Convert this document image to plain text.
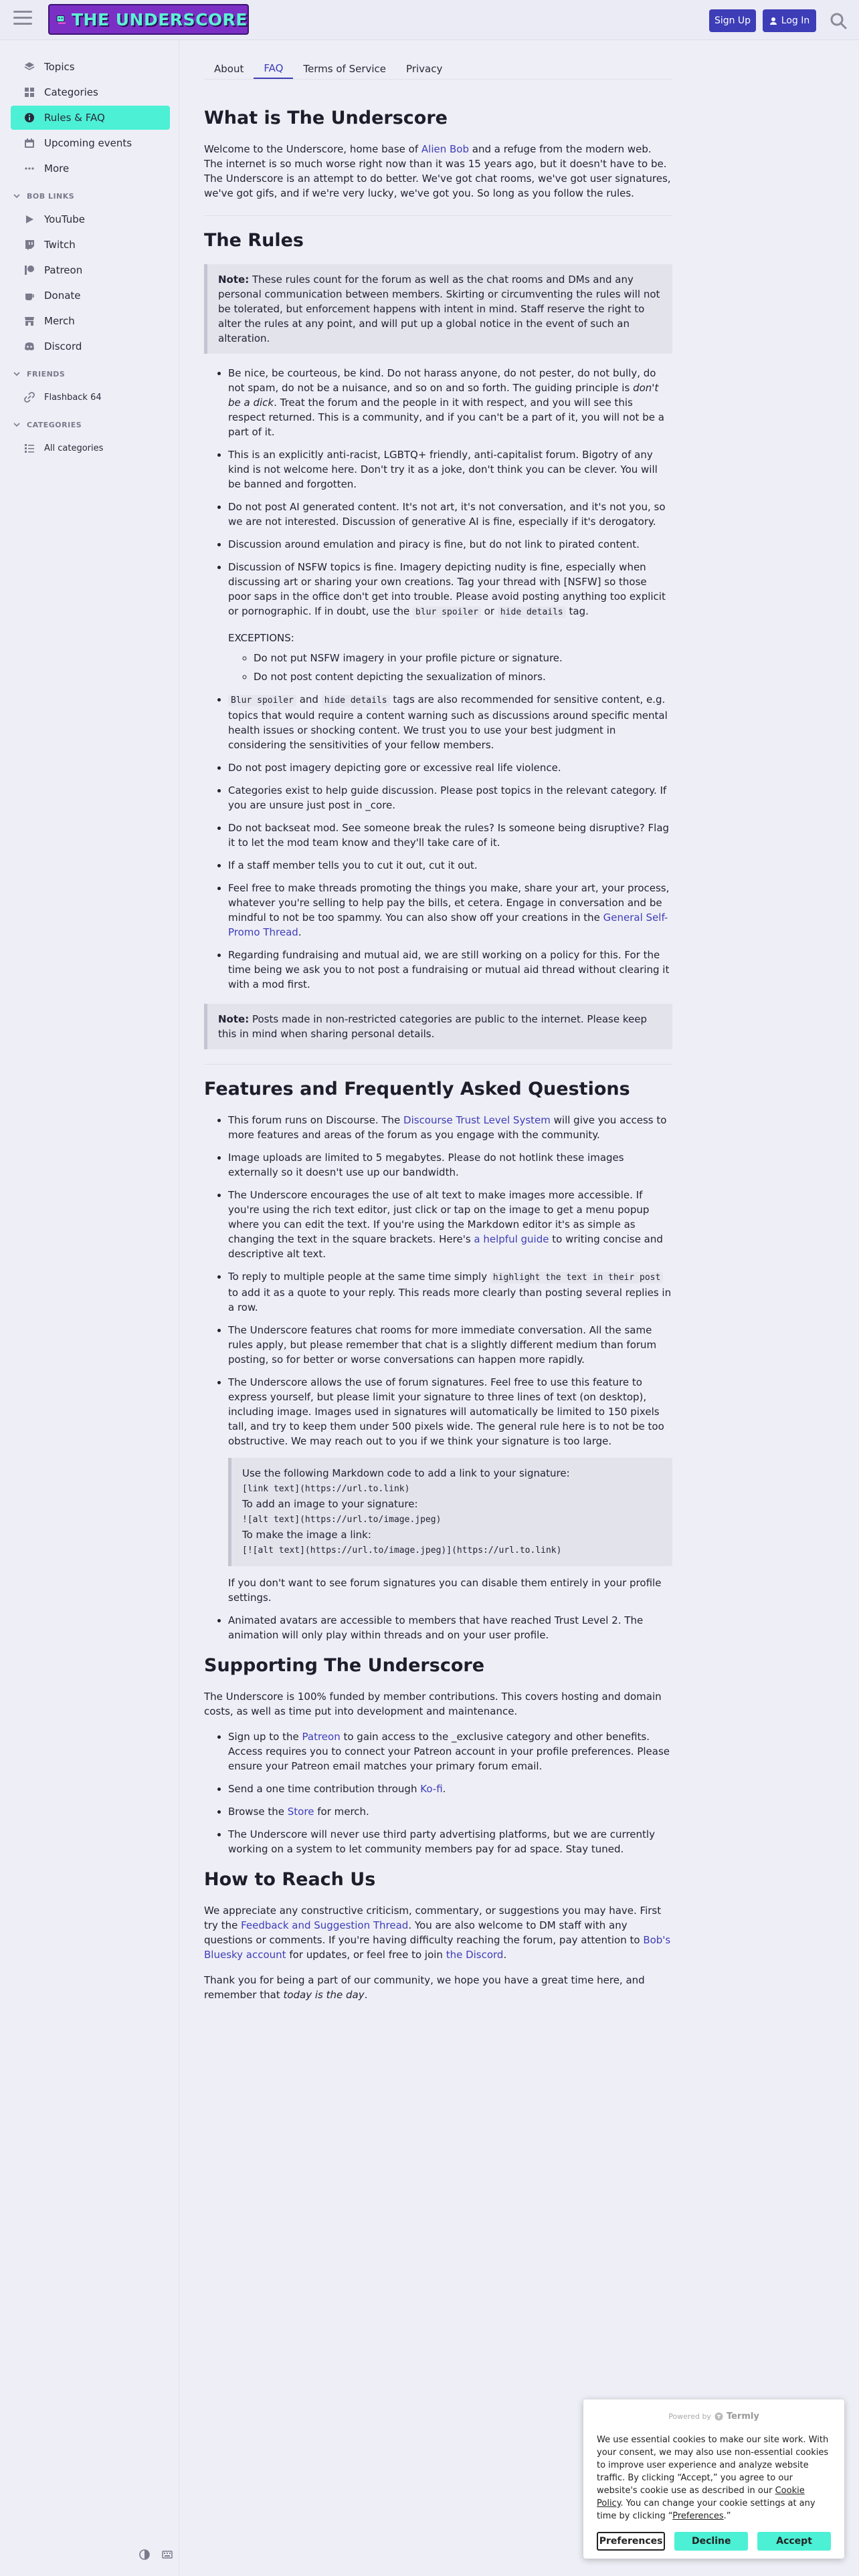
THE UNDERSCORE	Sign Up	Log In
Topics
Categories
Rules & FAQ
Upcoming events
More
BOB LINKS
YouTube
Twitch
Patreon
Donate
Merch
Discord
FRIENDS
Flashback 64
CATEGORIES
All categories
About	FAQ	Terms of Service	Privacy
What is The Underscore

Welcome to the Underscore, home base of Alien Bob and a refuge from the modern web. The internet is so much worse right now than it was 15 years ago, but it doesn't have to be. The Underscore is an attempt to do better. We've got chat rooms, we've got user signatures, we've got gifs, and if we're very lucky, we've got you. So long as you follow the rules.

The Rules
Note: These rules count for the forum as well as the chat rooms and DMs and any personal communication between members. Skirting or circumventing the rules will not be tolerated, but enforcement happens with intent in mind. Staff reserve the right to alter the rules at any point, and will put up a global notice in the event of such an alteration.
• Be nice, be courteous, be kind. Do not harass anyone, do not pester, do not bully, do not spam, do not be a nuisance, and so on and so forth. The guiding principle is don't be a dick. Treat the forum and the people in it with respect, and you will see this respect returned. This is a community, and if you can't be a part of it, you will not be a part of it.
• This is an explicitly anti-racist, LGBTQ+ friendly, anti-capitalist forum. Bigotry of any kind is not welcome here. Don't try it as a joke, don't think you can be clever. You will be banned and forgotten.
• Do not post AI generated content. It's not art, it's not conversation, and it's not you, so we are not interested. Discussion of generative AI is fine, especially if it's derogatory.
• Discussion around emulation and piracy is fine, but do not link to pirated content.
• Discussion of NSFW topics is fine. Imagery depicting nudity is fine, especially when discussing art or sharing your own creations. Tag your thread with [NSFW] so those poor saps in the office don't get into trouble. Please avoid posting anything too explicit or pornographic. If in doubt, use the blur spoiler or hide details tag.
EXCEPTIONS:
◦ Do not put NSFW imagery in your profile picture or signature.
◦ Do not post content depicting the sexualization of minors.
• Blur spoiler and hide details tags are also recommended for sensitive content, e.g. topics that would require a content warning such as discussions around specific mental health issues or shocking content. We trust you to use your best judgment in considering the sensitivities of your fellow members.
• Do not post imagery depicting gore or excessive real life violence.
• Categories exist to help guide discussion. Please post topics in the relevant category. If you are unsure just post in _core.
• Do not backseat mod. See someone break the rules? Is someone being disruptive? Flag it to let the mod team know and they'll take care of it.
• If a staff member tells you to cut it out, cut it out.
• Feel free to make threads promoting the things you make, share your art, your process, whatever you're selling to help pay the bills, et cetera. Engage in conversation and be mindful to not be too spammy. You can also show off your creations in the General Self-Promo Thread.
• Regarding fundraising and mutual aid, we are still working on a policy for this. For the time being we ask you to not post a fundraising or mutual aid thread without clearing it with a mod first.
Note: Posts made in non-restricted categories are public to the internet. Please keep this in mind when sharing personal details.
Features and Frequently Asked Questions
• This forum runs on Discourse. The Discourse Trust Level System will give you access to more features and areas of the forum as you engage with the community.
• Image uploads are limited to 5 megabytes. Please do not hotlink these images externally so it doesn't use up our bandwidth.
• The Underscore encourages the use of alt text to make images more accessible. If you're using the rich text editor, just click or tap on the image to get a menu popup where you can edit the text. If you're using the Markdown editor it's as simple as changing the text in the square brackets. Here's a helpful guide to writing concise and descriptive alt text.
• To reply to multiple people at the same time simply highlight the text in their post to add it as a quote to your reply. This reads more clearly than posting several replies in a row.
• The Underscore features chat rooms for more immediate conversation. All the same rules apply, but please remember that chat is a slightly different medium than forum posting, so for better or worse conversations can happen more rapidly.
• The Underscore allows the use of forum signatures. Feel free to use this feature to express yourself, but please limit your signature to three lines of text (on desktop), including image. Images used in signatures will automatically be limited to 150 pixels tall, and try to keep them under 500 pixels wide. The general rule here is to not be too obstructive. We may reach out to you if we think your signature is too large.
Use the following Markdown code to add a link to your signature:
[link text](https://url.to.link)
To add an image to your signature:
![alt text](https://url.to/image.jpeg)
To make the image a link:
[![alt text](https://url.to/image.jpeg)](https://url.to.link)
If you don't want to see forum signatures you can disable them entirely in your profile settings.
• Animated avatars are accessible to members that have reached Trust Level 2. The animation will only play within threads and on your user profile.
Supporting The Underscore

The Underscore is 100% funded by member contributions. This covers hosting and domain costs, as well as time put into development and maintenance.

• Sign up to the Patreon to gain access to the _exclusive category and other benefits. Access requires you to connect your Patreon account in your profile preferences. Please ensure your Patreon email matches your primary forum email.
• Send a one time contribution through Ko-fi.
• Browse the Store for merch.
• The Underscore will never use third party advertising platforms, but we are currently working on a system to let community members pay for ad space. Stay tuned.
How to Reach Us

We appreciate any constructive criticism, commentary, or suggestions you may have. First try the Feedback and Suggestion Thread. You are also welcome to DM staff with any questions or comments. If you're having difficulty reaching the forum, pay attention to Bob's Bluesky account for updates, or feel free to join the Discord.

Thank you for being a part of our community, we hope you have a great time here, and remember that today is the day.

Powered by Termly
We use essential cookies to make our site work. With your consent, we may also use non-essential cookies to improve user experience and analyze website traffic. By clicking “Accept,” you agree to our website's cookie use as described in our Cookie Policy. You can change your cookie settings at any time by clicking “Preferences.”
Preferences	Decline	Accept
